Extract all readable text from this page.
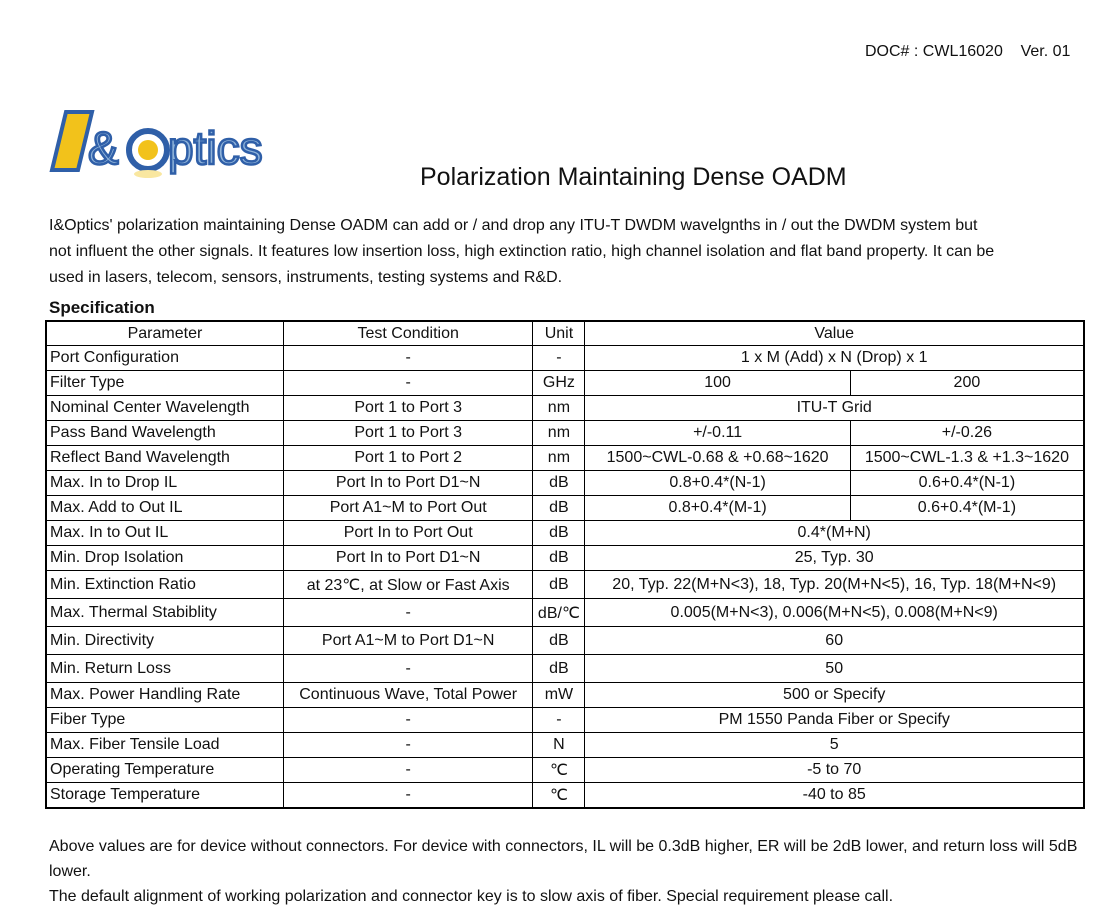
DOC# : CWL16020    Ver. 01
& ptics
Polarization Maintaining Dense OADM

I&Optics' polarization maintaining Dense OADM can add or / and drop any ITU-T DWDM wavelgnths in / out the DWDM system but
not influent the other signals. It features low insertion loss, high extinction ratio, high channel isolation and flat band property. It can be
used in lasers, telecom, sensors, instruments, testing systems and R&D.

Specification
Parameter	Test Condition	Unit	Value	
Port Configuration	-	-	1 x M (Add) x N (Drop) x 1	
Filter Type	-	GHz	100	200
Nominal Center Wavelength	Port 1 to Port 3	nm	ITU-T Grid	
Pass Band Wavelength	Port 1 to Port 3	nm	+/-0.11	+/-0.26
Reflect Band Wavelength	Port 1 to Port 2	nm	1500~CWL-0.68 & +0.68~1620	1500~CWL-1.3 & +1.3~1620
Max. In to Drop IL	Port In to Port D1~N	dB	0.8+0.4*(N-1)	0.6+0.4*(N-1)
Max. Add to Out IL	Port A1~M to Port Out	dB	0.8+0.4*(M-1)	0.6+0.4*(M-1)
Max. In to Out IL	Port In to Port Out	dB	0.4*(M+N)	
Min. Drop Isolation	Port In to Port D1~N	dB	25, Typ. 30	
Min. Extinction Ratio	at 23℃, at Slow or Fast Axis	dB	20, Typ. 22(M+N<3), 18, Typ. 20(M+N<5), 16, Typ. 18(M+N<9)	
Max. Thermal Stabiblity	-	dB/℃	0.005(M+N<3), 0.006(M+N<5), 0.008(M+N<9)	
Min. Directivity	Port A1~M to Port D1~N	dB	60	
Min. Return Loss	-	dB	50	
Max. Power Handling Rate	Continuous Wave, Total Power	mW	500 or Specify	
Fiber Type	-	-	PM 1550 Panda Fiber or Specify	
Max. Fiber Tensile Load	-	N	5	
Operating Temperature	-	℃	-5 to 70	
Storage Temperature	-	℃	-40 to 85	

Above values are for device without connectors. For device with connectors, IL will be 0.3dB higher, ER will be 2dB lower, and return loss will 5dB lower.

The default alignment of working polarization and connector key is to slow axis of fiber. Special requirement please call.
